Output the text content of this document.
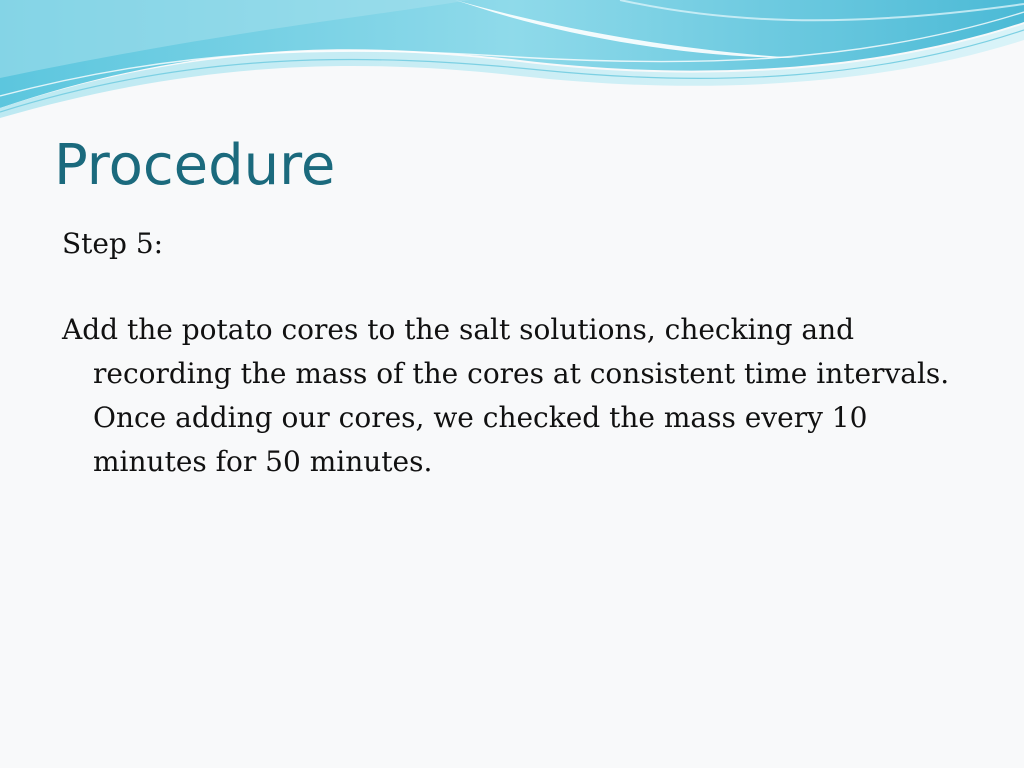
Procedure

Step 5:

Add the potato cores to the salt solutions, checking and recording the mass of the cores at consistent time intervals. Once adding our cores, we checked the mass every 10 minutes for 50 minutes.
